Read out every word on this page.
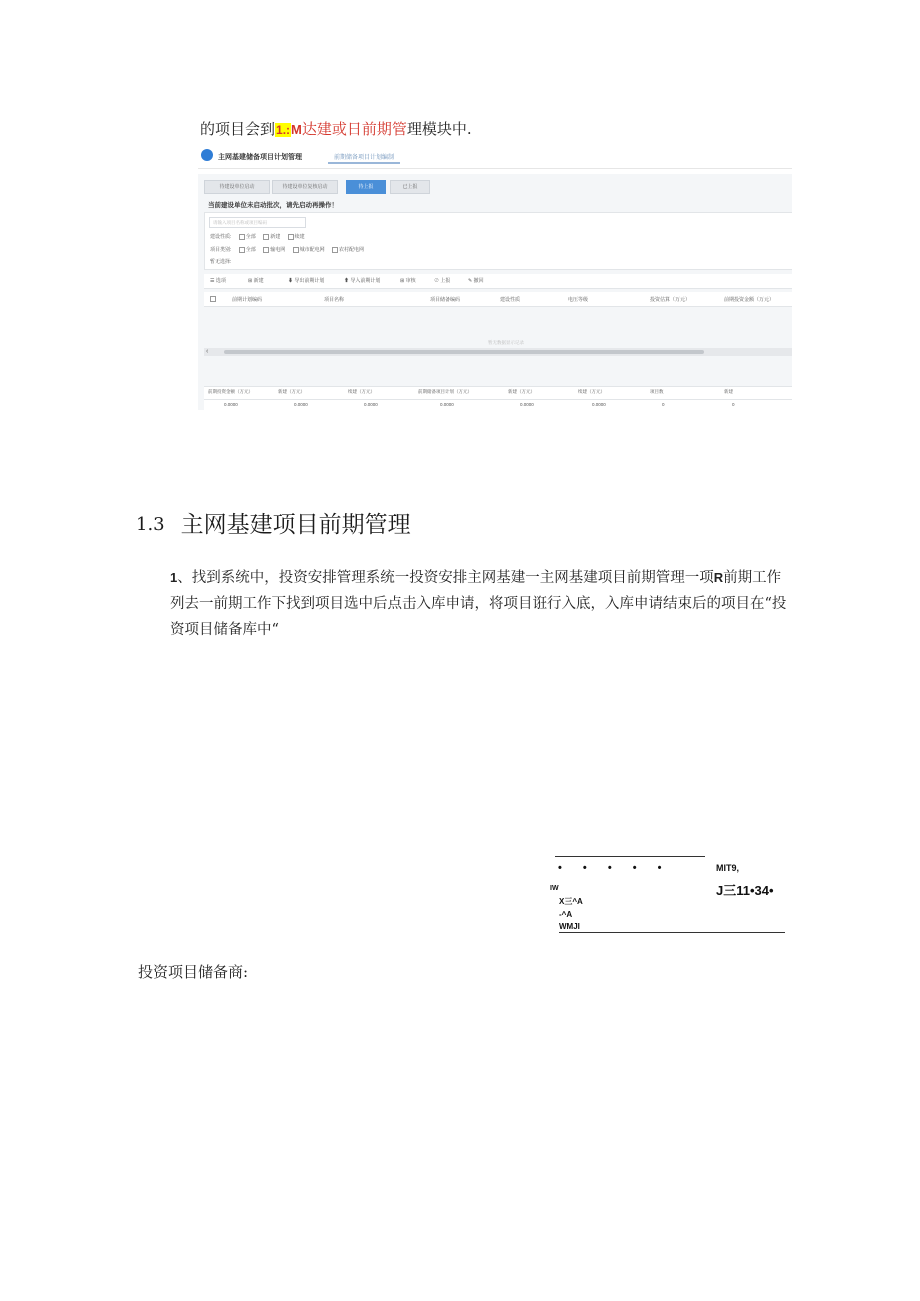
的项目会到1.:M达建或日前期管理模块中.
主网基建储备项目计划管理	前期储备项目计划编制
待建设单位启动	待建设单位复核启动	待上报	已上报
当前建设单位未启动批次，请先启动再操作！
请输入项目名称或项目编码
建设性质:	全部	新建	续建
项目类别:	全部	输电网	城市配电网	农村配电网
暂无选择:
☰ 选项	⊞ 新建	⬇ 导出前期计划	⬆ 导入前期计划	⊞ 审核	⊘ 上报	✎ 撤回
前期计划编码	项目名称	项目储备编码	建设性质	电压等级	投资估算（万元）	前期投资金额（万元）
暂无数据显示记录
‹
前期投资金额（万元）	新建（万元）	续建（万元）	前期储备项目计划（万元）	新建（万元）	续建（万元）	项目数	新建
0.0000	0.0000	0.0000	0.0000	0.0000	0.0000	0	0
1.3 主网基建项目前期管理
1、找到系统中，投资安排管理系统一投资安排主网基建一主网基建项目前期管理一项R前期工作列去一前期工作下找到项目选中后点击入库申请，将项目诳行入底，入库申请结束后的项目在“投资项目储备库中“
• • • • •	MIT9,
IW	J三11•34•
X三^A
-^A
WMJI
投资项目储备商:
